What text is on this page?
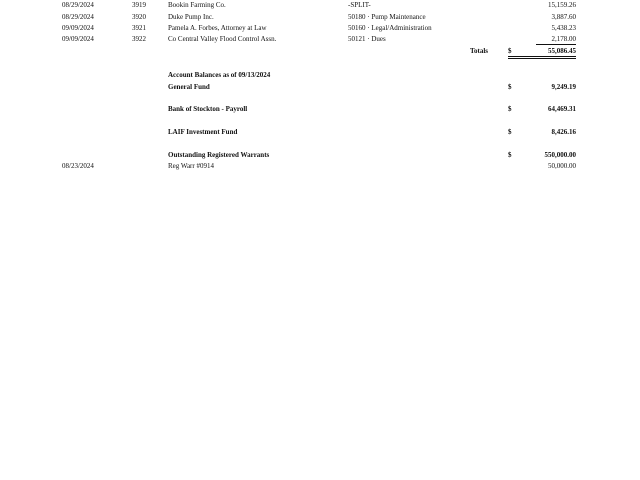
08/29/2024	3919	Bookin Farming Co.	-SPLIT-	15,159.26
08/29/2024	3920	Duke Pump Inc.	50180 · Pump Maintenance	3,887.60
09/09/2024	3921	Pamela A. Forbes, Attorney at Law	50160 · Legal/Administration	5,438.23
09/09/2024	3922	Co Central Valley Flood Control Assn.	50121 · Dues	2,178.00
Totals	$	55,086.45
Account Balances as of 09/13/2024
General Fund	$	9,249.19
Bank of Stockton - Payroll	$	64,469.31
LAIF Investment Fund	$	8,426.16
Outstanding Registered Warrants	$	550,000.00
08/23/2024	Reg Warr #0914	50,000.00
